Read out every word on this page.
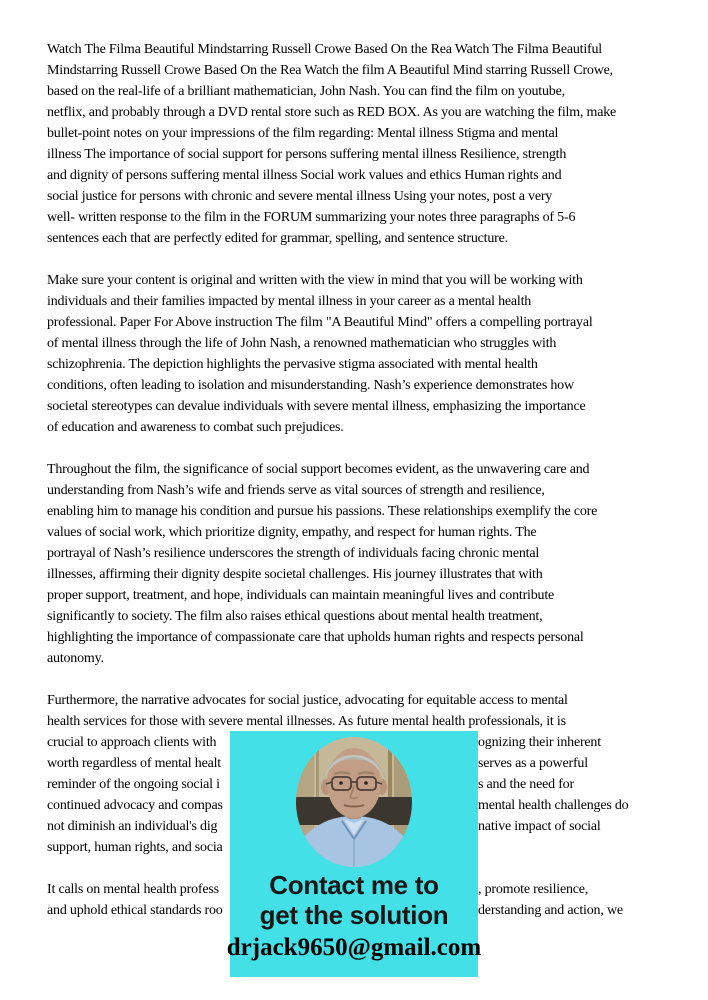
Watch The Filma Beautiful Mindstarring Russell Crowe Based On the Rea Watch The Filma Beautiful
Mindstarring Russell Crowe Based On the Rea Watch the film A Beautiful Mind starring Russell Crowe,
based on the real-life of a brilliant mathematician, John Nash. You can find the film on youtube,
netflix, and probably through a DVD rental store such as RED BOX. As you are watching the film, make
bullet-point notes on your impressions of the film regarding: Mental illness Stigma and mental
illness The importance of social support for persons suffering mental illness Resilience, strength
and dignity of persons suffering mental illness Social work values and ethics Human rights and
social justice for persons with chronic and severe mental illness Using your notes, post a very
well- written response to the film in the FORUM summarizing your notes three paragraphs of 5-6
sentences each that are perfectly edited for grammar, spelling, and sentence structure.
Make sure your content is original and written with the view in mind that you will be working with
individuals and their families impacted by mental illness in your career as a mental health
professional. Paper For Above instruction The film "A Beautiful Mind" offers a compelling portrayal
of mental illness through the life of John Nash, a renowned mathematician who struggles with
schizophrenia. The depiction highlights the pervasive stigma associated with mental health
conditions, often leading to isolation and misunderstanding. Nash’s experience demonstrates how
societal stereotypes can devalue individuals with severe mental illness, emphasizing the importance
of education and awareness to combat such prejudices.
Throughout the film, the significance of social support becomes evident, as the unwavering care and
understanding from Nash’s wife and friends serve as vital sources of strength and resilience,
enabling him to manage his condition and pursue his passions. These relationships exemplify the core
values of social work, which prioritize dignity, empathy, and respect for human rights. The
portrayal of Nash’s resilience underscores the strength of individuals facing chronic mental
illnesses, affirming their dignity despite societal challenges. His journey illustrates that with
proper support, treatment, and hope, individuals can maintain meaningful lives and contribute
significantly to society. The film also raises ethical questions about mental health treatment,
highlighting the importance of compassionate care that upholds human rights and respects personal
autonomy.
Furthermore, the narrative advocates for social justice, advocating for equitable access to mental
health services for those with severe mental illnesses. As future mental health professionals, it is
crucial to approach clients with	ognizing their inherent
worth regardless of mental healt	serves as a powerful
reminder of the ongoing social i	s and the need for
continued advocacy and compas	mental health challenges do
not diminish an individual's dig	native impact of social
support, human rights, and socia
It calls on mental health profess	, promote resilience,
and uphold ethical standards roo	derstanding and action, we
Contact me to
get the solution
drjack9650@gmail.com
